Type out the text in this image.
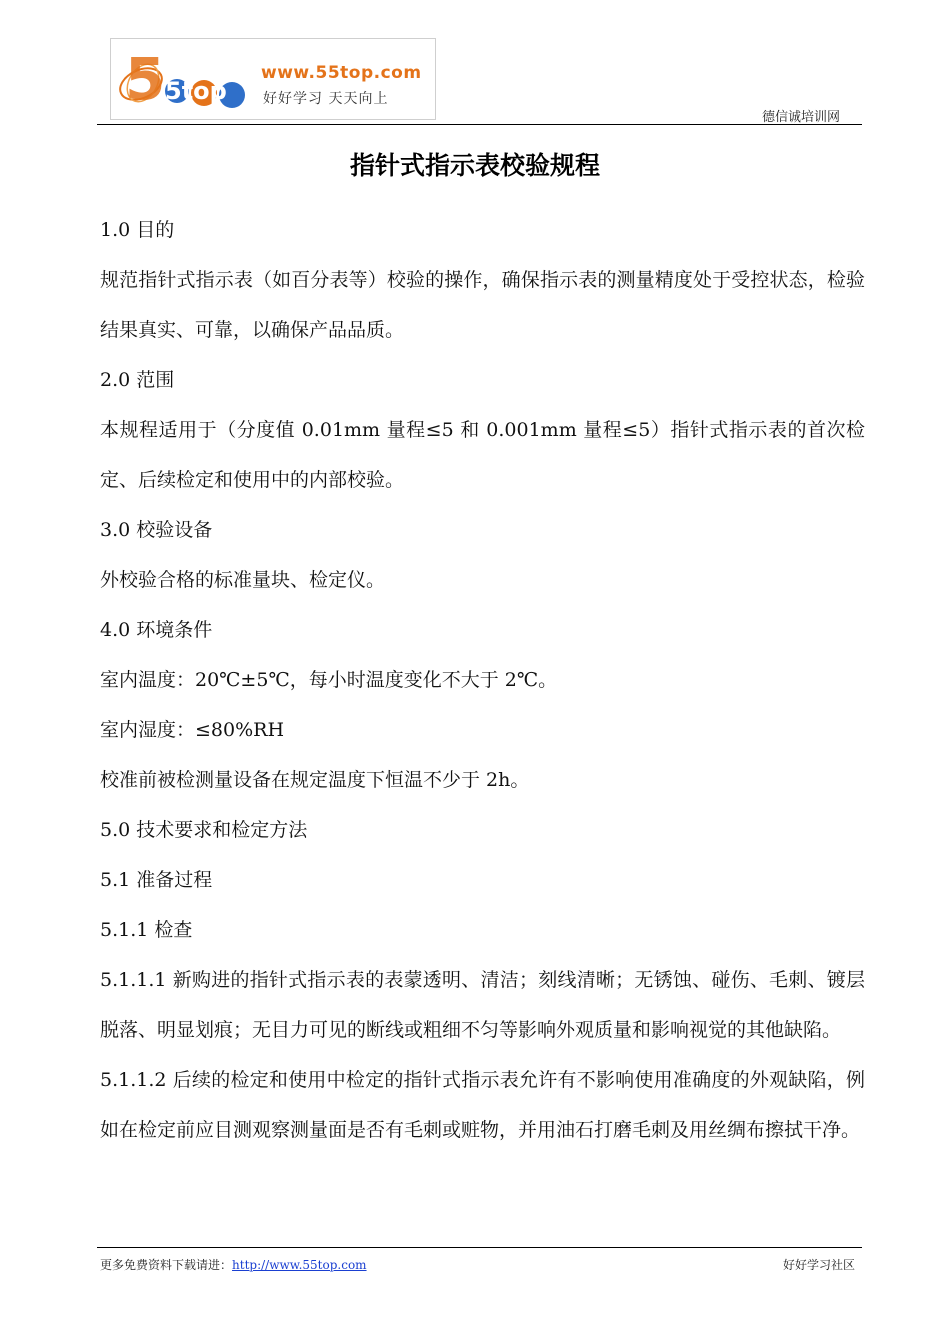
5 5top
www.55top.com
好好学习 天天向上
德信诚培训网
指针式指示表校验规程

1.0 目的

规范指针式指示表（如百分表等）校验的操作，确保指示表的测量精度处于受控状态，检验结果真实、可靠，以确保产品品质。

2.0 范围

本规程适用于（分度值 0.01mm 量程≤5 和 0.001mm 量程≤5）指针式指示表的首次检定、后续检定和使用中的内部校验。

3.0 校验设备

外校验合格的标准量块、检定仪。

4.0 环境条件

室内温度：20℃±5℃，每小时温度变化不大于 2℃。

室内湿度：≤80%RH

校准前被检测量设备在规定温度下恒温不少于 2h。

5.0 技术要求和检定方法

5.1 准备过程

5.1.1 检查

5.1.1.1 新购进的指针式指示表的表蒙透明、清洁；刻线清晰；无锈蚀、碰伤、毛刺、镀层脱落、明显划痕；无目力可见的断线或粗细不匀等影响外观质量和影响视觉的其他缺陷。

5.1.1.2 后续的检定和使用中检定的指针式指示表允许有不影响使用准确度的外观缺陷，例如在检定前应目测观察测量面是否有毛刺或赃物，并用油石打磨毛刺及用丝绸布擦拭干净。

更多免费资料下载请进：http://www.55top.com	好好学习社区
